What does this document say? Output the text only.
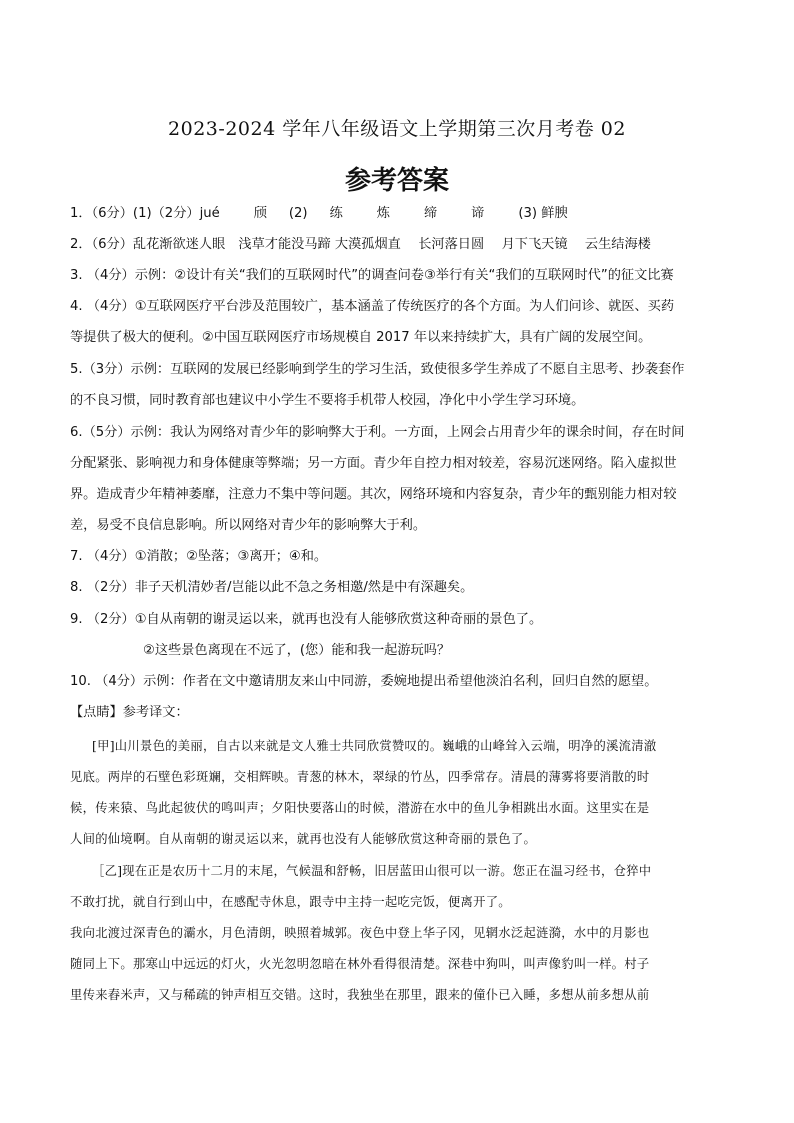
2023-2024 学年八年级语文上学期第三次月考卷 02
参考答案
1．（6分）(1)（2分）jué	颀 (2) 练	炼	缔	谛	(3) 鲜腴
2．（6分）乱花渐欲迷人眼　浅草才能没马蹄 大漠孤烟直　 长河落日圆　 月下飞天镜　 云生结海楼
3. （4分）示例：②设计有关“我们的互联网时代”的调查问卷③举行有关“我们的互联网时代”的征文比赛
4. （4分）①互联网医疗平台涉及范围较广，基本涵盖了传统医疗的各个方面。为人们问诊、就医、买药
等提供了极大的便利。②中国互联网医疗市场规模自 2017 年以来持续扩大，具有广阔的发展空间。
5.（3分）示例：互联网的发展已经影响到学生的学习生活，致使很多学生养成了不愿自主思考、抄袭套作
的不良习惯，同时教育部也建议中小学生不要将手机带人校园，净化中小学生学习环境。
6.（5分）示例：我认为网络对青少年的影响弊大于利。一方面，上网会占用青少年的课余时间，存在时间
分配紧张、影响视力和身体健康等弊端；另一方面。青少年自控力相对较差，容易沉迷网络。陷入虚拟世
界。造成青少年精神萎靡，注意力不集中等问题。其次，网络环境和内容复杂，青少年的甄别能力相对较
差，易受不良信息影响。所以网络对青少年的影响弊大于利。
7. （4分）①消散；②坠落；③离开；④和。
8. （2分）非子天机清妙者/岂能以此不急之务相邀/然是中有深趣矣。
9. （2分）①自从南朝的谢灵运以来，就再也没有人能够欣赏这种奇丽的景色了。
②这些景色离现在不远了，(您）能和我一起游玩吗？
10. （4分）示例：作者在文中邀请朋友来山中同游，委婉地提出希望他淡泊名利，回归自然的愿望。
【点睛】参考译文：
[甲]山川景色的美丽，自古以来就是文人雅士共同欣赏赞叹的。巍峨的山峰耸入云端，明净的溪流清澈
见底。两岸的石壁色彩斑斓，交相辉映。青葱的林木，翠绿的竹丛，四季常存。清晨的薄雾将要消散的时
候，传来猿、鸟此起彼伏的鸣叫声；夕阳快要落山的时候，潜游在水中的鱼儿争相跳出水面。这里实在是
人间的仙境啊。自从南朝的谢灵运以来，就再也没有人能够欣赏这种奇丽的景色了。
［乙]现在正是农历十二月的末尾，气候温和舒畅，旧居蓝田山很可以一游。您正在温习经书，仓猝中
不敢打扰，就自行到山中，在感配寺休息，跟寺中主持一起吃完饭，便离开了。
我向北渡过深青色的灞水，月色清朗，映照着城郭。夜色中登上华子冈，见辋水泛起涟漪，水中的月影也
随同上下。那寒山中远远的灯火，火光忽明忽暗在林外看得很清楚。深巷中狗叫，叫声像豹叫一样。村子
里传来舂米声，又与稀疏的钟声相互交错。这时，我独坐在那里，跟来的僮仆已入睡，多想从前多想从前
